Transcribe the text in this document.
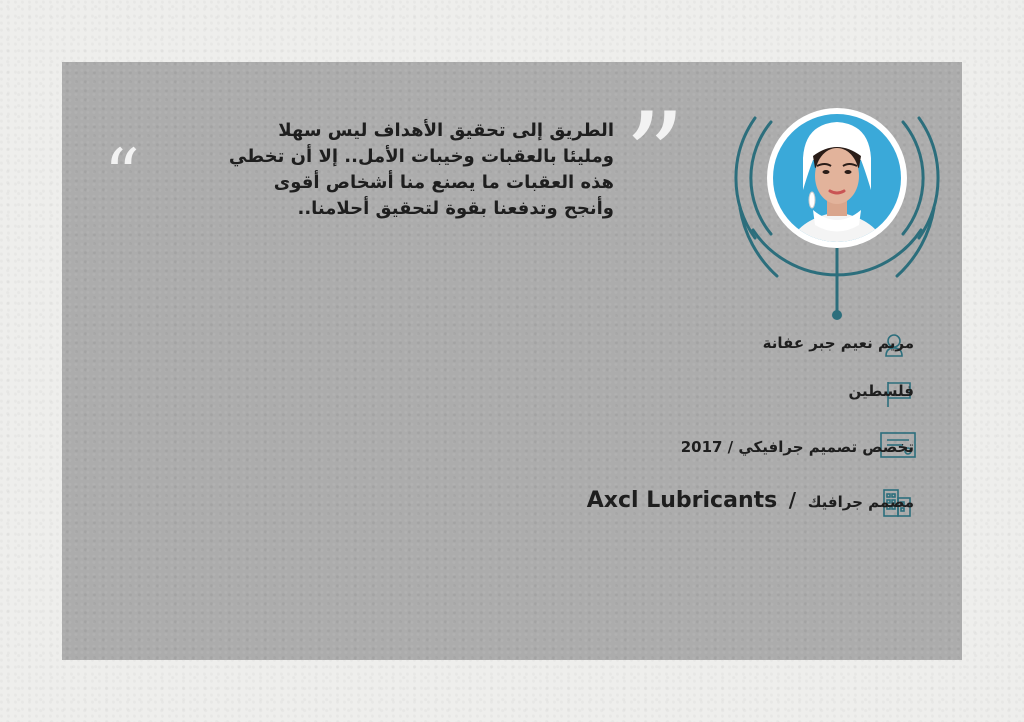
”
“
الطريق إلى تحقيق الأهداف ليس سهلا
ومليئا بالعقبات وخيبات الأمل.. إلا أن تخطي
هذه العقبات ما يصنع منا أشخاص أقوى
وأنجح وتدفعنا بقوة لتحقيق أحلامنا..
مريم نعيم جبر عفانة
فلسطين
تخصص تصميم جرافيكي / 2017
مصمم جرافيك / Axcl Lubricants
